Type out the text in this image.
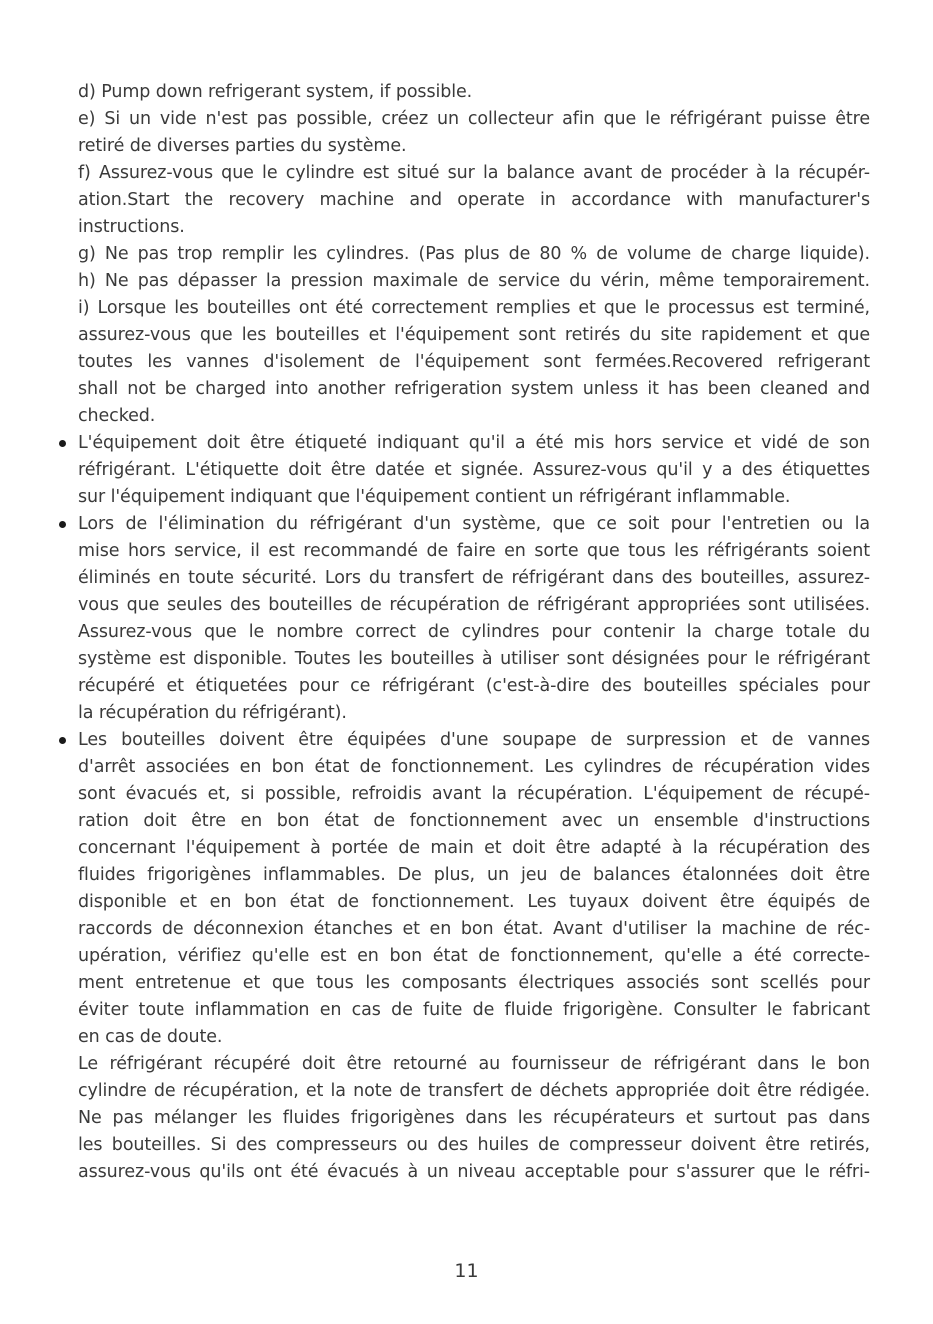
d) Pump down refrigerant system, if possible.
e) Si un vide n'est pas possible, créez un collecteur afin que le réfrigérant puisse être
retiré de diverses parties du système.
f) Assurez-vous que le cylindre est situé sur la balance avant de procéder à la récupér-
ation.Start the recovery machine and operate in accordance with manufacturer's
instructions.
g) Ne pas trop remplir les cylindres. (Pas plus de 80 % de volume de charge liquide).
h) Ne pas dépasser la pression maximale de service du vérin, même temporairement.
i) Lorsque les bouteilles ont été correctement remplies et que le processus est terminé,
assurez-vous que les bouteilles et l'équipement sont retirés du site rapidement et que
toutes les vannes d'isolement de l'équipement sont fermées.Recovered refrigerant
shall not be charged into another refrigeration system unless it has been cleaned and
checked.
L'équipement doit être étiqueté indiquant qu'il a été mis hors service et vidé de son
réfrigérant. L'étiquette doit être datée et signée. Assurez-vous qu'il y a des étiquettes
sur l'équipement indiquant que l'équipement contient un réfrigérant inflammable.
Lors de l'élimination du réfrigérant d'un système, que ce soit pour l'entretien ou la
mise hors service, il est recommandé de faire en sorte que tous les réfrigérants soient
éliminés en toute sécurité. Lors du transfert de réfrigérant dans des bouteilles, assurez-
vous que seules des bouteilles de récupération de réfrigérant appropriées sont utilisées.
Assurez-vous que le nombre correct de cylindres pour contenir la charge totale du
système est disponible. Toutes les bouteilles à utiliser sont désignées pour le réfrigérant
récupéré et étiquetées pour ce réfrigérant (c'est-à-dire des bouteilles spéciales pour
la récupération du réfrigérant).
Les bouteilles doivent être équipées d'une soupape de surpression et de vannes
d'arrêt associées en bon état de fonctionnement. Les cylindres de récupération vides
sont évacués et, si possible, refroidis avant la récupération. L'équipement de récupé-
ration doit être en bon état de fonctionnement avec un ensemble d'instructions
concernant l'équipement à portée de main et doit être adapté à la récupération des
fluides frigorigènes inflammables. De plus, un jeu de balances étalonnées doit être
disponible et en bon état de fonctionnement. Les tuyaux doivent être équipés de
raccords de déconnexion étanches et en bon état. Avant d'utiliser la machine de réc-
upération, vérifiez qu'elle est en bon état de fonctionnement, qu'elle a été correcte-
ment entretenue et que tous les composants électriques associés sont scellés pour
éviter toute inflammation en cas de fuite de fluide frigorigène. Consulter le fabricant
en cas de doute.
Le réfrigérant récupéré doit être retourné au fournisseur de réfrigérant dans le bon
cylindre de récupération, et la note de transfert de déchets appropriée doit être rédigée.
Ne pas mélanger les fluides frigorigènes dans les récupérateurs et surtout pas dans
les bouteilles. Si des compresseurs ou des huiles de compresseur doivent être retirés,
assurez-vous qu'ils ont été évacués à un niveau acceptable pour s'assurer que le réfri-
11
